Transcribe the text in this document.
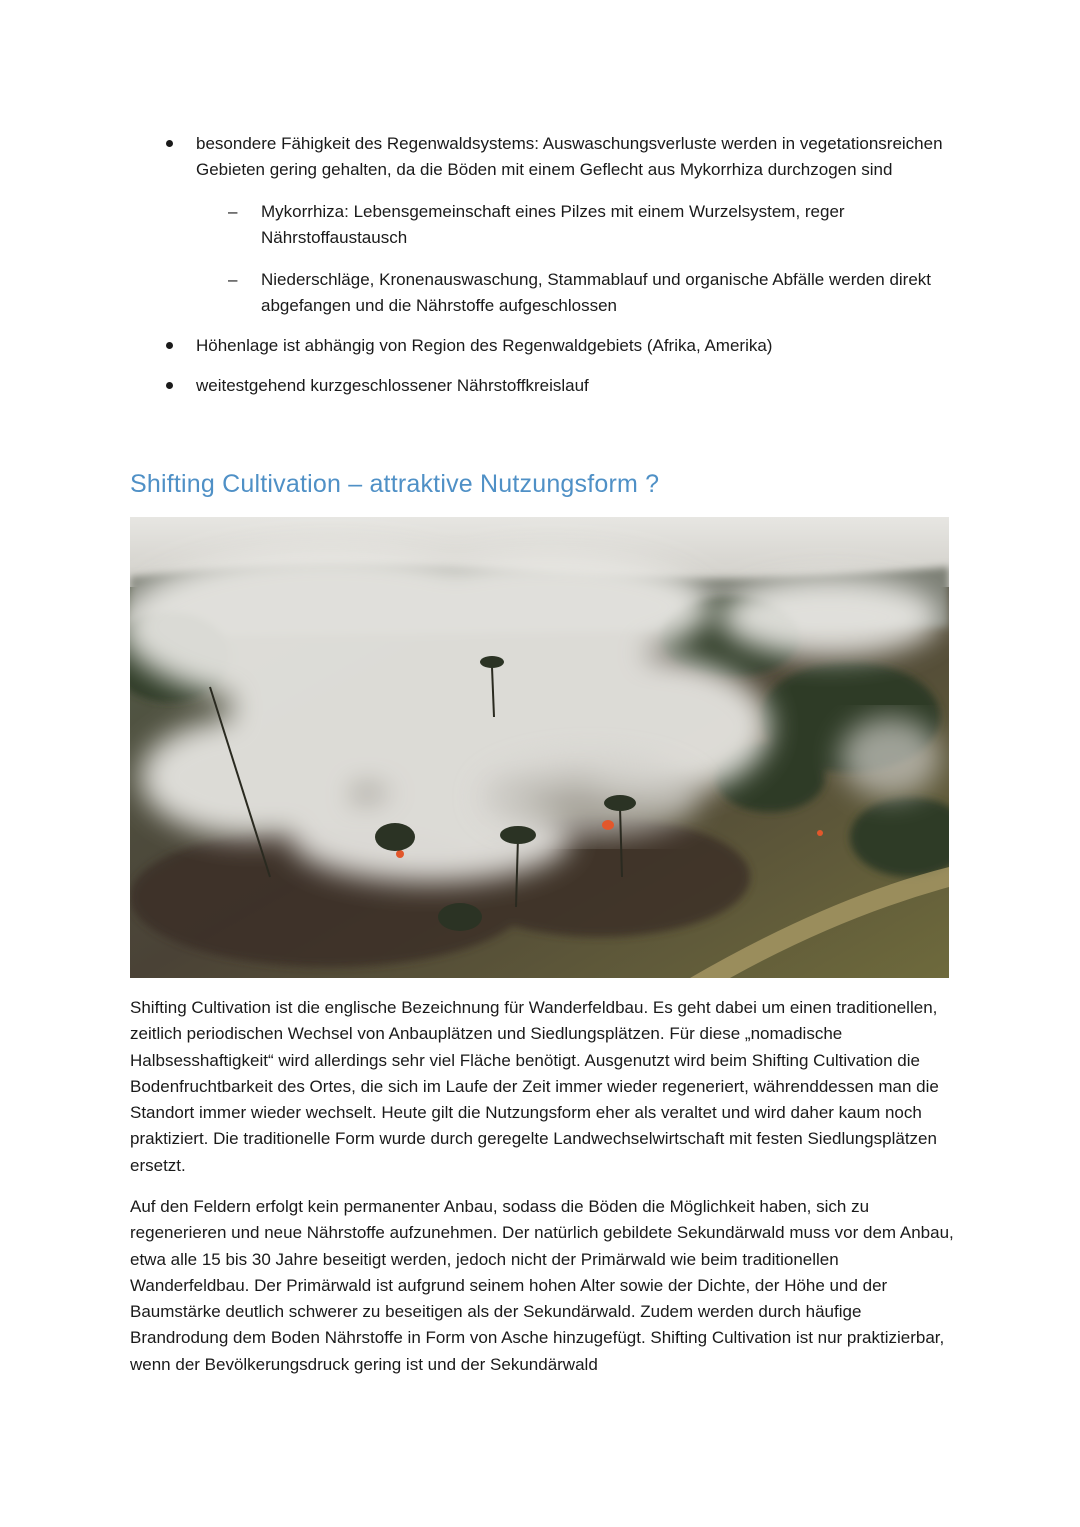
besondere Fähigkeit des Regenwaldsystems: Auswaschungsverluste werden in vegetationsreichen Gebieten gering gehalten, da die Böden mit einem Geflecht aus Mykorrhiza durchzogen sind
– Mykorrhiza: Lebensgemeinschaft eines Pilzes mit einem Wurzelsystem, reger Nährstoffaustausch
– Niederschläge, Kronenauswaschung, Stammablauf und organische Abfälle werden direkt abgefangen und die Nährstoffe aufgeschlossen
Höhenlage ist abhängig von Region des Regenwaldgebiets (Afrika, Amerika)
weitestgehend kurzgeschlossener Nährstoffkreislauf
Shifting Cultivation – attraktive Nutzungsform ?
Shifting Cultivation ist die englische Bezeichnung für Wanderfeldbau. Es geht dabei um einen traditionellen, zeitlich periodischen Wechsel von Anbauplätzen und Siedlungsplätzen. Für diese „nomadische Halbsesshaftigkeit“ wird allerdings sehr viel Fläche benötigt. Ausgenutzt wird beim Shifting Cultivation die Bodenfruchtbarkeit des Ortes, die sich im Laufe der Zeit immer wieder regeneriert, währenddessen man die Standort immer wieder wechselt. Heute gilt die Nutzungsform eher als veraltet und wird daher kaum noch praktiziert. Die traditionelle Form wurde durch geregelte Landwechselwirtschaft mit festen Siedlungsplätzen ersetzt.
Auf den Feldern erfolgt kein permanenter Anbau, sodass die Böden die Möglichkeit haben, sich zu regenerieren und neue Nährstoffe aufzunehmen. Der natürlich gebildete Sekundärwald muss vor dem Anbau, etwa alle 15 bis 30 Jahre beseitigt werden, jedoch nicht der Primärwald wie beim traditionellen Wanderfeldbau. Der Primärwald ist aufgrund seinem hohen Alter sowie der Dichte, der Höhe und der Baumstärke deutlich schwerer zu beseitigen als der Sekundärwald. Zudem werden durch häufige Brandrodung dem Boden Nährstoffe in Form von Asche hinzugefügt. Shifting Cultivation ist nur praktizierbar, wenn der Bevölkerungsdruck gering ist und der Sekundärwald
